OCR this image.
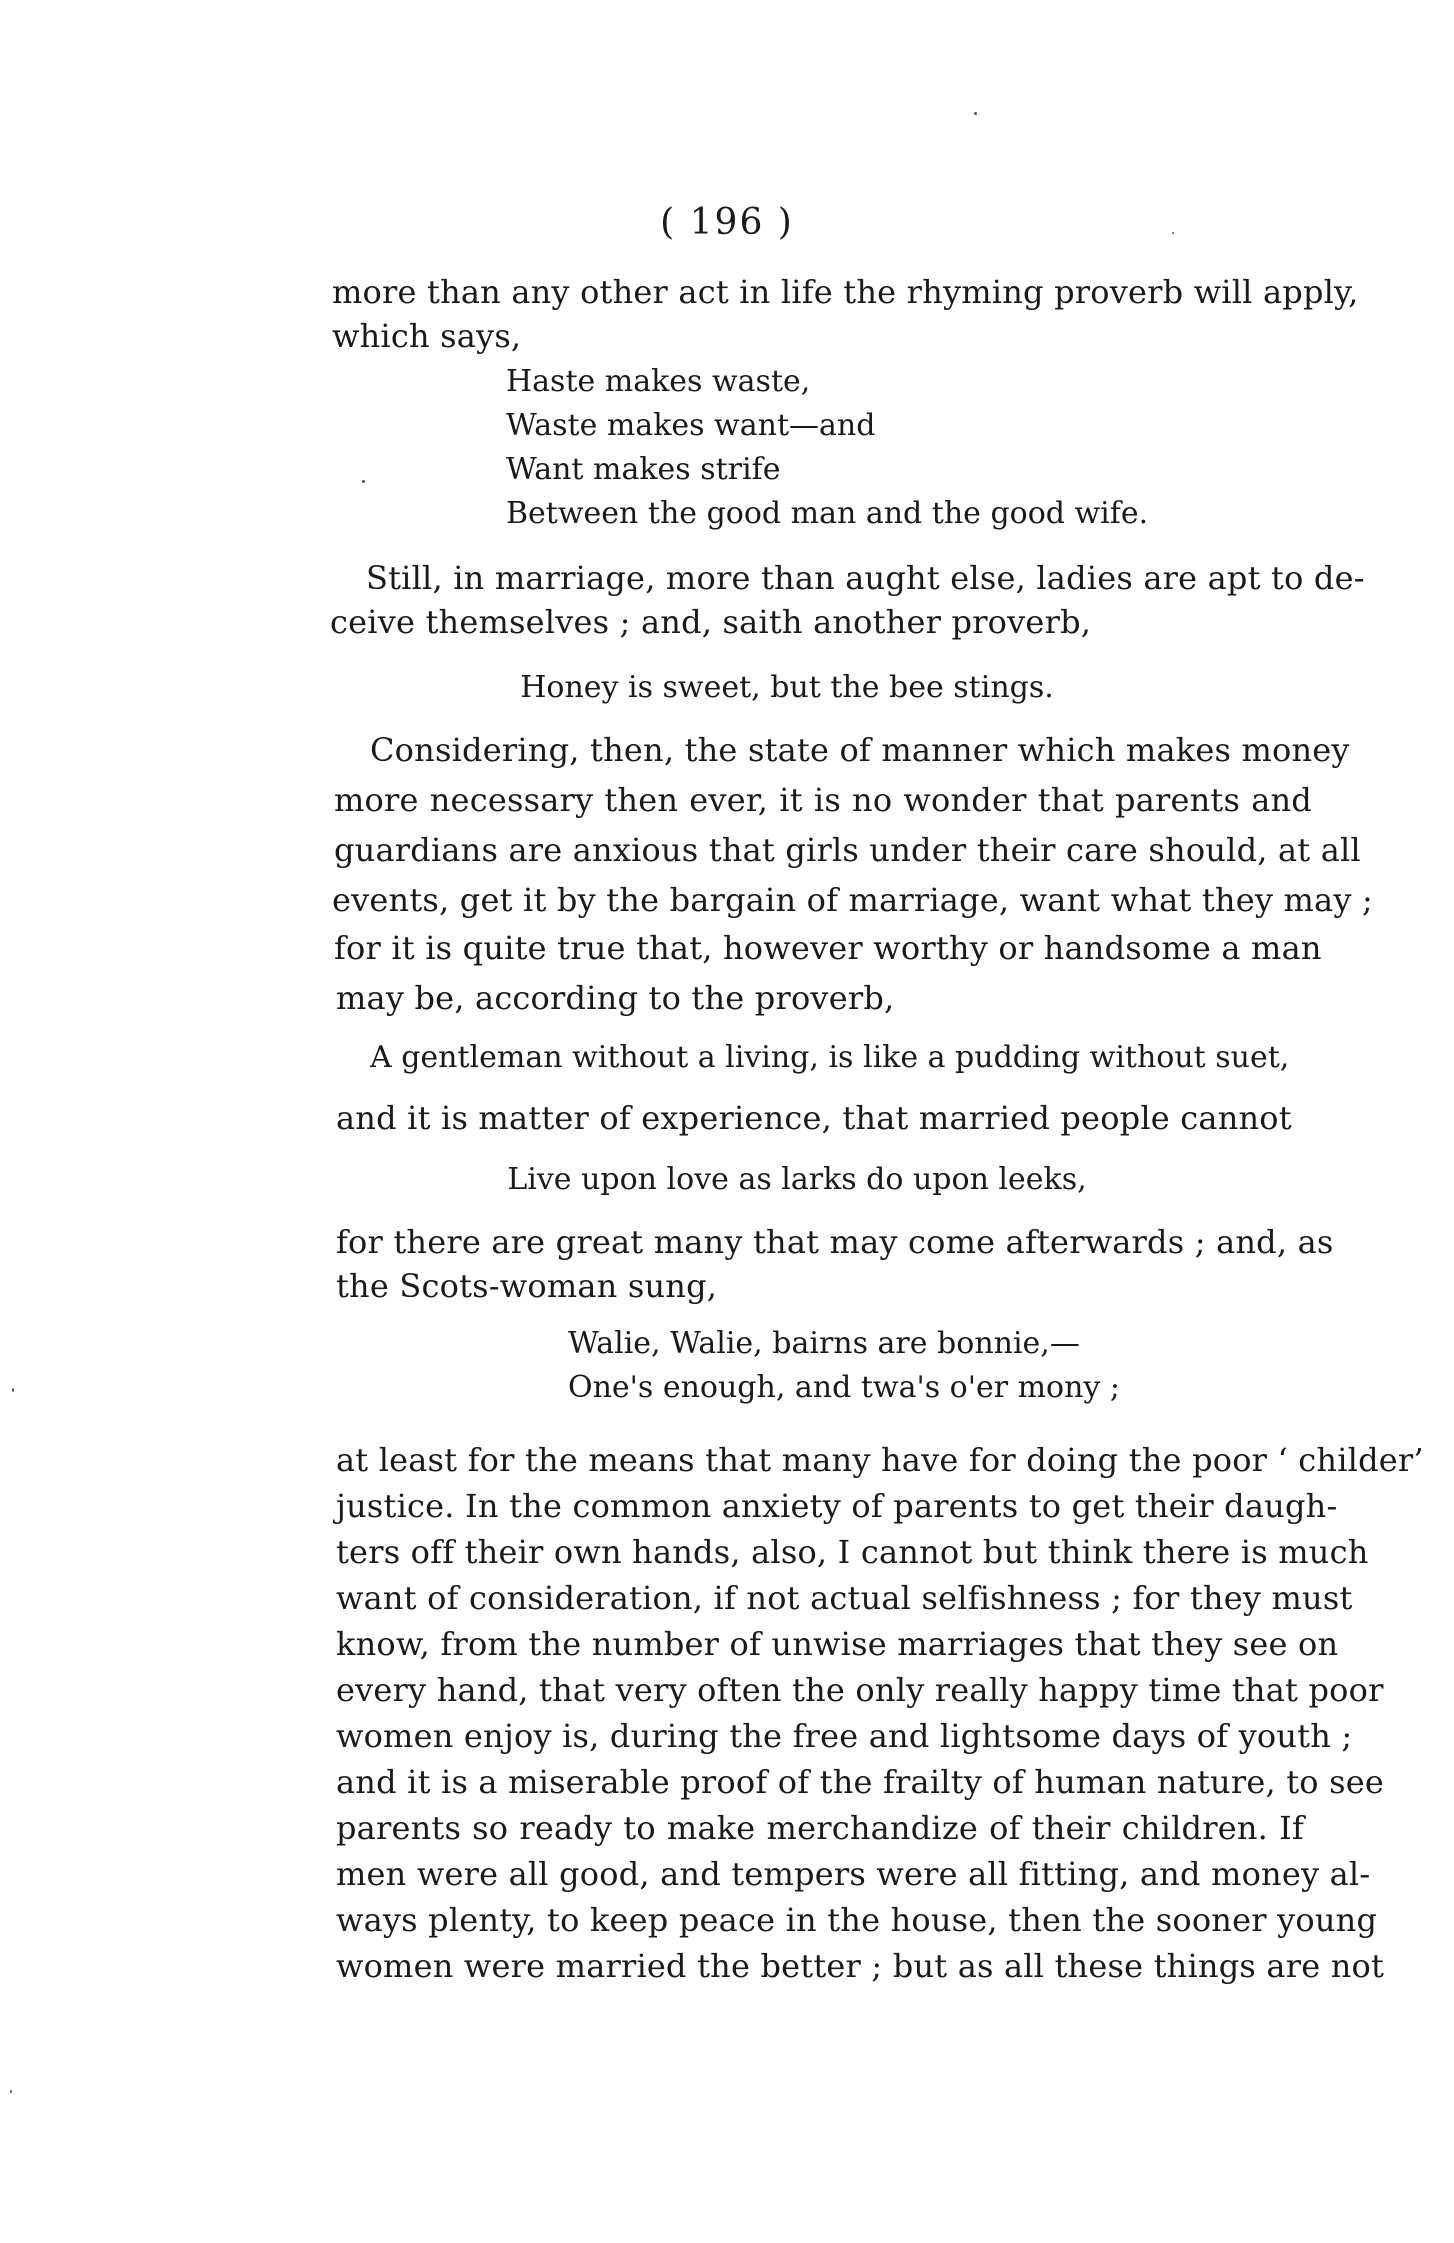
( 196 )
more than any other act in life the rhyming proverb will apply,
which says,
Haste makes waste,
Waste makes want—and
Want makes strife
Between the good man and the good wife.
Still, in marriage, more than aught else, ladies are apt to de-
ceive themselves ; and, saith another proverb,
Honey is sweet, but the bee stings.
Considering, then, the state of manner which makes money
more necessary then ever, it is no wonder that parents and
guardians are anxious that girls under their care should, at all
events, get it by the bargain of marriage, want what they may ;
for it is quite true that, however worthy or handsome a man
may be, according to the proverb,
A gentleman without a living, is like a pudding without suet,
and it is matter of experience, that married people cannot
Live upon love as larks do upon leeks,
for there are great many that may come afterwards ; and, as
the Scots-woman sung,
Walie, Walie, bairns are bonnie,—
One's enough, and twa's o'er mony ;
at least for the means that many have for doing the poor ‘ childer’
justice. In the common anxiety of parents to get their daugh-
ters off their own hands, also, I cannot but think there is much
want of consideration, if not actual selfishness ; for they must
know, from the number of unwise marriages that they see on
every hand, that very often the only really happy time that poor
women enjoy is, during the free and lightsome days of youth ;
and it is a miserable proof of the frailty of human nature, to see
parents so ready to make merchandize of their children. If
men were all good, and tempers were all fitting, and money al-
ways plenty, to keep peace in the house, then the sooner young
women were married the better ; but as all these things are not
